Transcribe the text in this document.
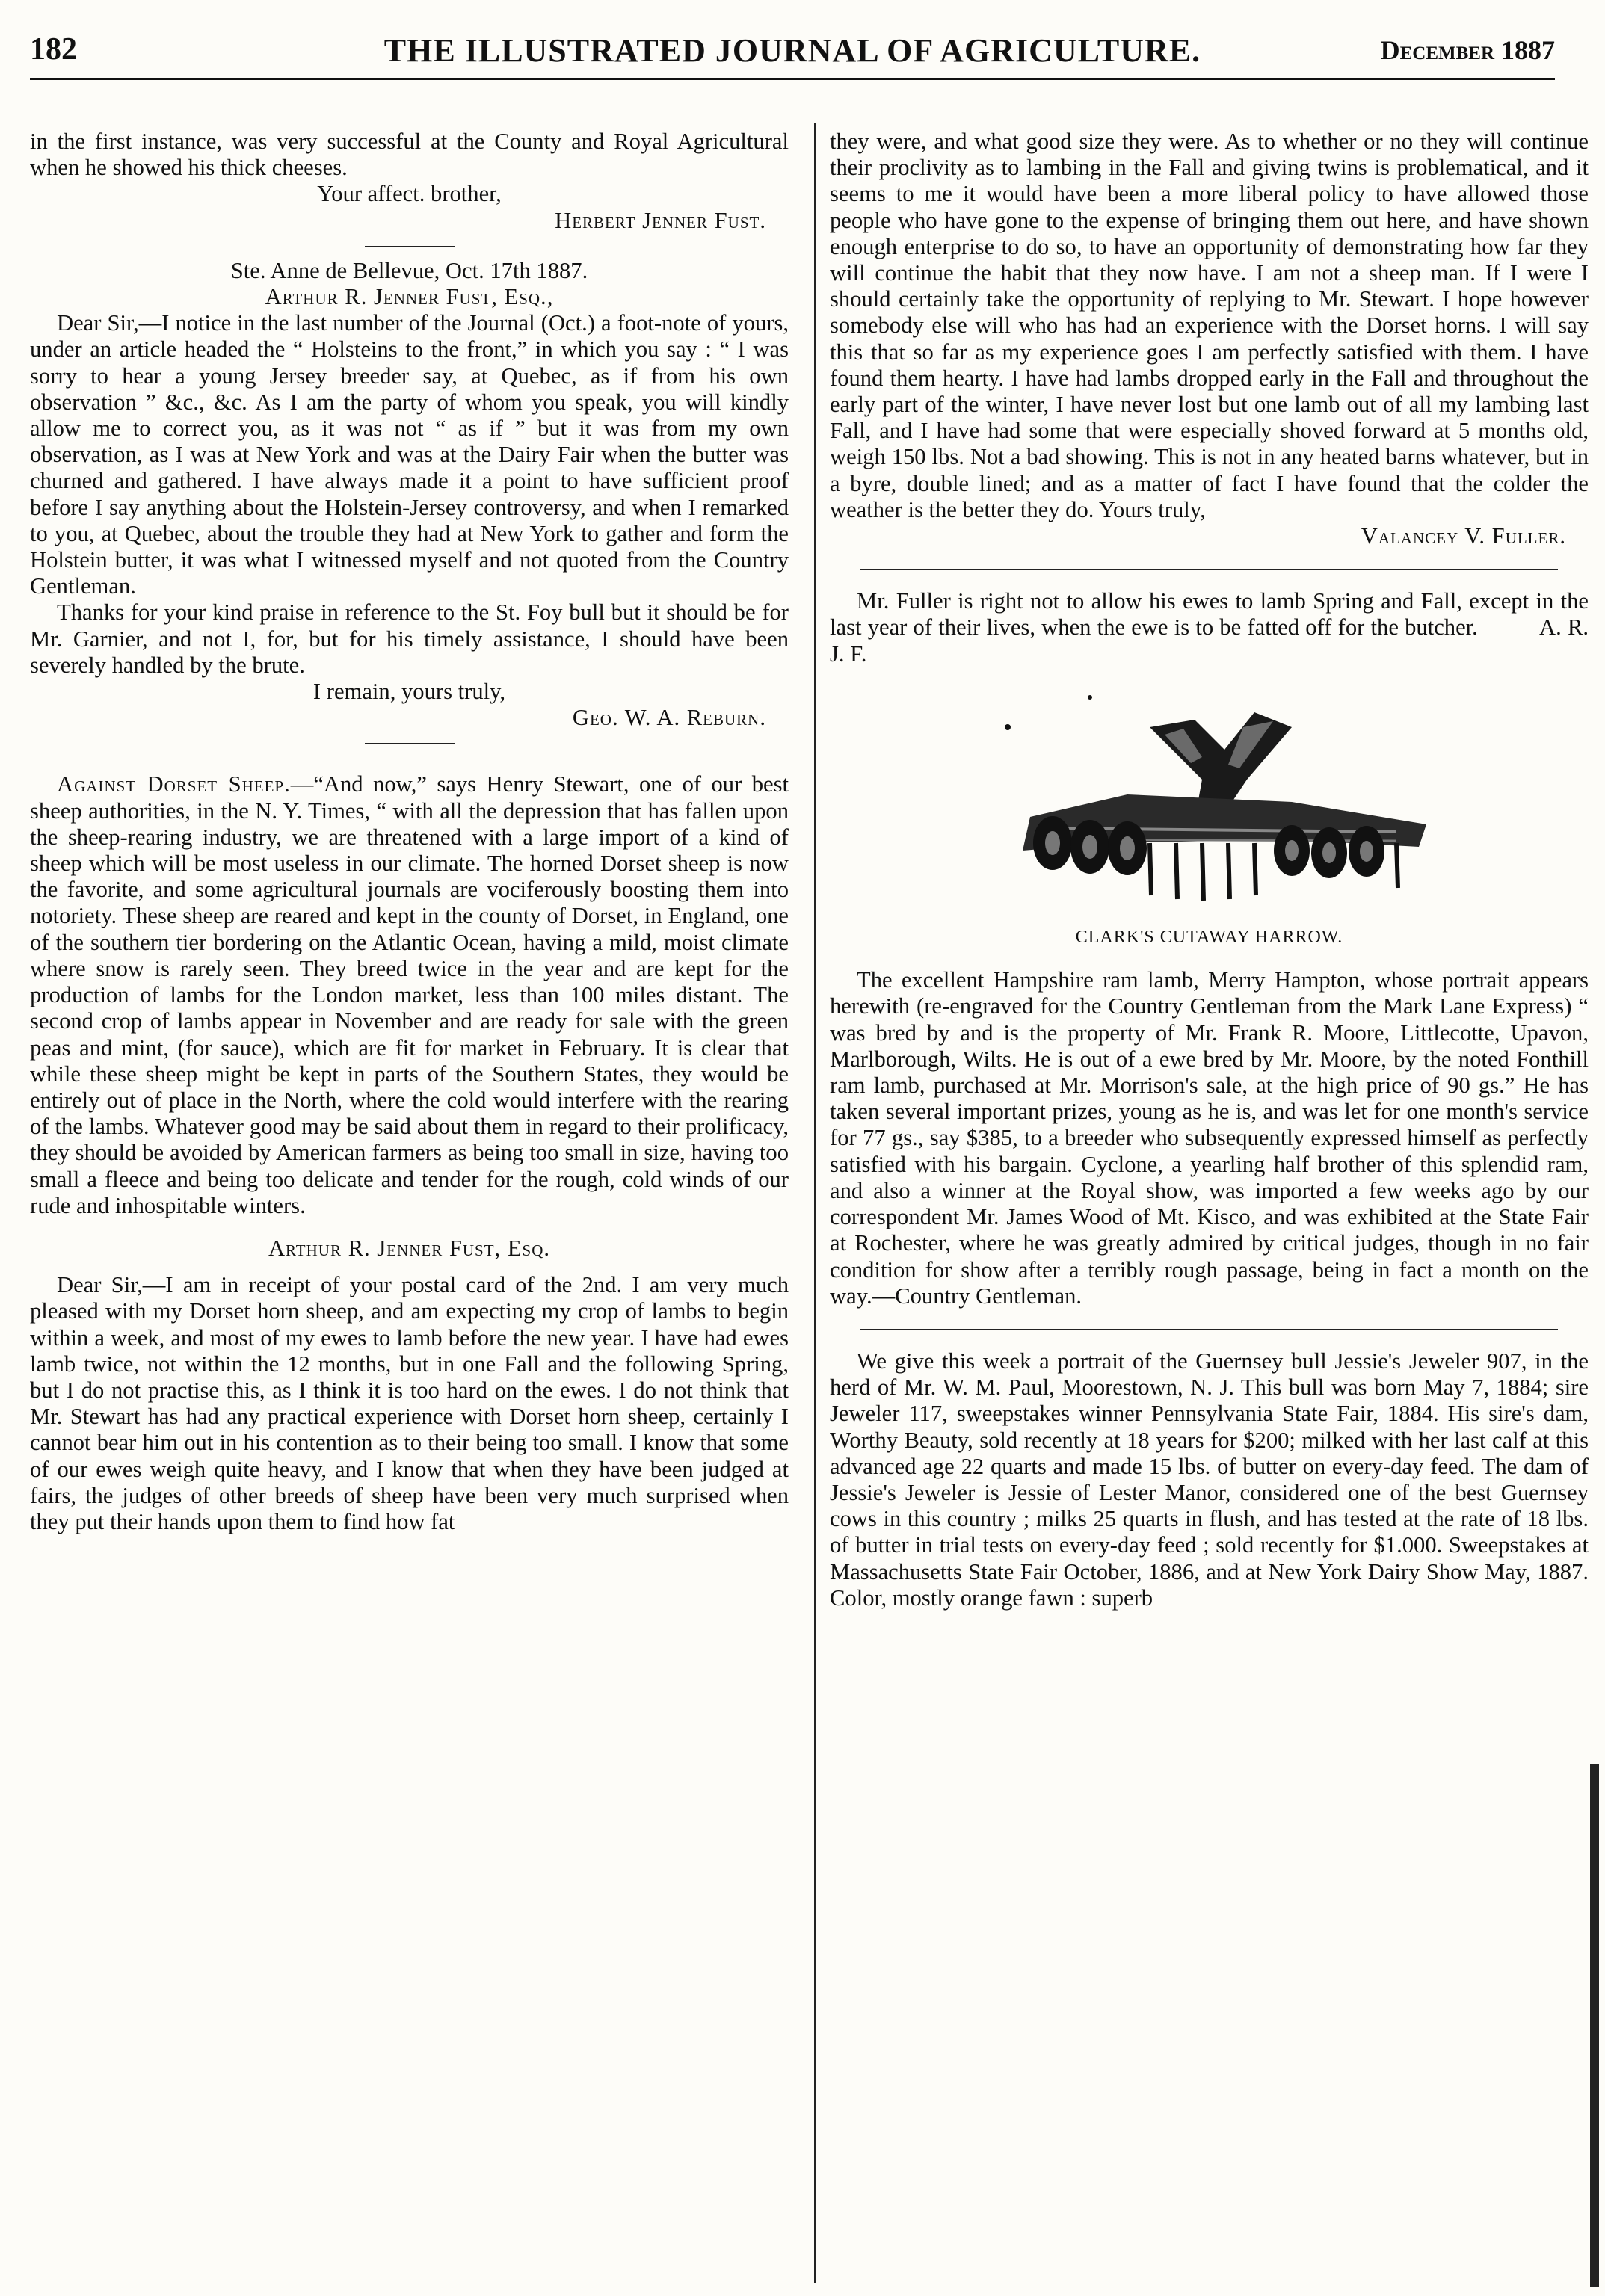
182	THE ILLUSTRATED JOURNAL OF AGRICULTURE.	December 1887

in the first instance, was very successful at the County and Royal Agricultural when he showed his thick cheeses.

Your affect. brother,

Herbert Jenner Fust.

Ste. Anne de Bellevue, Oct. 17th 1887.

Arthur R. Jenner Fust, Esq.,

Dear Sir,—I notice in the last number of the Journal (Oct.) a foot-note of yours, under an article headed the “ Holsteins to the front,” in which you say : “ I was sorry to hear a young Jersey breeder say, at Quebec, as if from his own observation ” &c., &c. As I am the party of whom you speak, you will kindly allow me to correct you, as it was not “ as if ” but it was from my own observation, as I was at New York and was at the Dairy Fair when the butter was churned and gathered. I have always made it a point to have sufficient proof before I say anything about the Holstein-Jersey controversy, and when I remarked to you, at Quebec, about the trouble they had at New York to gather and form the Holstein butter, it was what I witnessed myself and not quoted from the Country Gentleman.

Thanks for your kind praise in reference to the St. Foy bull but it should be for Mr. Garnier, and not I, for, but for his timely assistance, I should have been severely handled by the brute.

I remain, yours truly,

Geo. W. A. Reburn.

Against Dorset Sheep.—“And now,” says Henry Stewart, one of our best sheep authorities, in the N. Y. Times, “ with all the depression that has fallen upon the sheep-rearing industry, we are threatened with a large import of a kind of sheep which will be most useless in our climate. The horned Dorset sheep is now the favorite, and some agricultural journals are vociferously boosting them into notoriety. These sheep are reared and kept in the county of Dorset, in England, one of the southern tier bordering on the Atlantic Ocean, having a mild, moist climate where snow is rarely seen. They breed twice in the year and are kept for the production of lambs for the London market, less than 100 miles distant. The second crop of lambs appear in November and are ready for sale with the green peas and mint, (for sauce), which are fit for market in February. It is clear that while these sheep might be kept in parts of the Southern States, they would be entirely out of place in the North, where the cold would interfere with the rearing of the lambs. Whatever good may be said about them in regard to their prolificacy, they should be avoided by American farmers as being too small in size, having too small a fleece and being too delicate and tender for the rough, cold winds of our rude and inhospitable winters.

Arthur R. Jenner Fust, Esq.

Dear Sir,—I am in receipt of your postal card of the 2nd. I am very much pleased with my Dorset horn sheep, and am expecting my crop of lambs to begin within a week, and most of my ewes to lamb before the new year. I have had ewes lamb twice, not within the 12 months, but in one Fall and the following Spring, but I do not practise this, as I think it is too hard on the ewes. I do not think that Mr. Stewart has had any practical experience with Dorset horn sheep, certainly I cannot bear him out in his contention as to their being too small. I know that some of our ewes weigh quite heavy, and I know that when they have been judged at fairs, the judges of other breeds of sheep have been very much surprised when they put their hands upon them to find how fat

they were, and what good size they were. As to whether or no they will continue their proclivity as to lambing in the Fall and giving twins is problematical, and it seems to me it would have been a more liberal policy to have allowed those people who have gone to the expense of bringing them out here, and have shown enough enterprise to do so, to have an opportunity of demonstrating how far they will continue the habit that they now have. I am not a sheep man. If I were I should certainly take the opportunity of replying to Mr. Stewart. I hope however somebody else will who has had an experience with the Dorset horns. I will say this that so far as my experience goes I am perfectly satisfied with them. I have found them hearty. I have had lambs dropped early in the Fall and throughout the early part of the winter, I have never lost but one lamb out of all my lambing last Fall, and I have had some that were especially shoved forward at 5 months old, weigh 150 lbs. Not a bad showing. This is not in any heated barns whatever, but in a byre, double lined; and as a matter of fact I have found that the colder the weather is the better they do. Yours truly,

Valancey V. Fuller.

Mr. Fuller is right not to allow his ewes to lamb Spring and Fall, except in the last year of their lives, when the ewe is to be fatted off for the butcher.	A. R. J. F.

CLARK'S CUTAWAY HARROW.

The excellent Hampshire ram lamb, Merry Hampton, whose portrait appears herewith (re-engraved for the Country Gentleman from the Mark Lane Express) “ was bred by and is the property of Mr. Frank R. Moore, Littlecotte, Upavon, Marlborough, Wilts. He is out of a ewe bred by Mr. Moore, by the noted Fonthill ram lamb, purchased at Mr. Morrison's sale, at the high price of 90 gs.” He has taken several important prizes, young as he is, and was let for one month's service for 77 gs., say $385, to a breeder who subsequently expressed himself as perfectly satisfied with his bargain. Cyclone, a yearling half brother of this splendid ram, and also a winner at the Royal show, was imported a few weeks ago by our correspondent Mr. James Wood of Mt. Kisco, and was exhibited at the State Fair at Rochester, where he was greatly admired by critical judges, though in no fair condition for show after a terribly rough passage, being in fact a month on the way.—Country Gentleman.

We give this week a portrait of the Guernsey bull Jessie's Jeweler 907, in the herd of Mr. W. M. Paul, Moorestown, N. J. This bull was born May 7, 1884; sire Jeweler 117, sweepstakes winner Pennsylvania State Fair, 1884. His sire's dam, Worthy Beauty, sold recently at 18 years for $200; milked with her last calf at this advanced age 22 quarts and made 15 lbs. of butter on every-day feed. The dam of Jessie's Jeweler is Jessie of Lester Manor, considered one of the best Guernsey cows in this country ; milks 25 quarts in flush, and has tested at the rate of 18 lbs. of butter in trial tests on every-day feed ; sold recently for $1.000. Sweepstakes at Massachusetts State Fair October, 1886, and at New York Dairy Show May, 1887. Color, mostly orange fawn : superb
